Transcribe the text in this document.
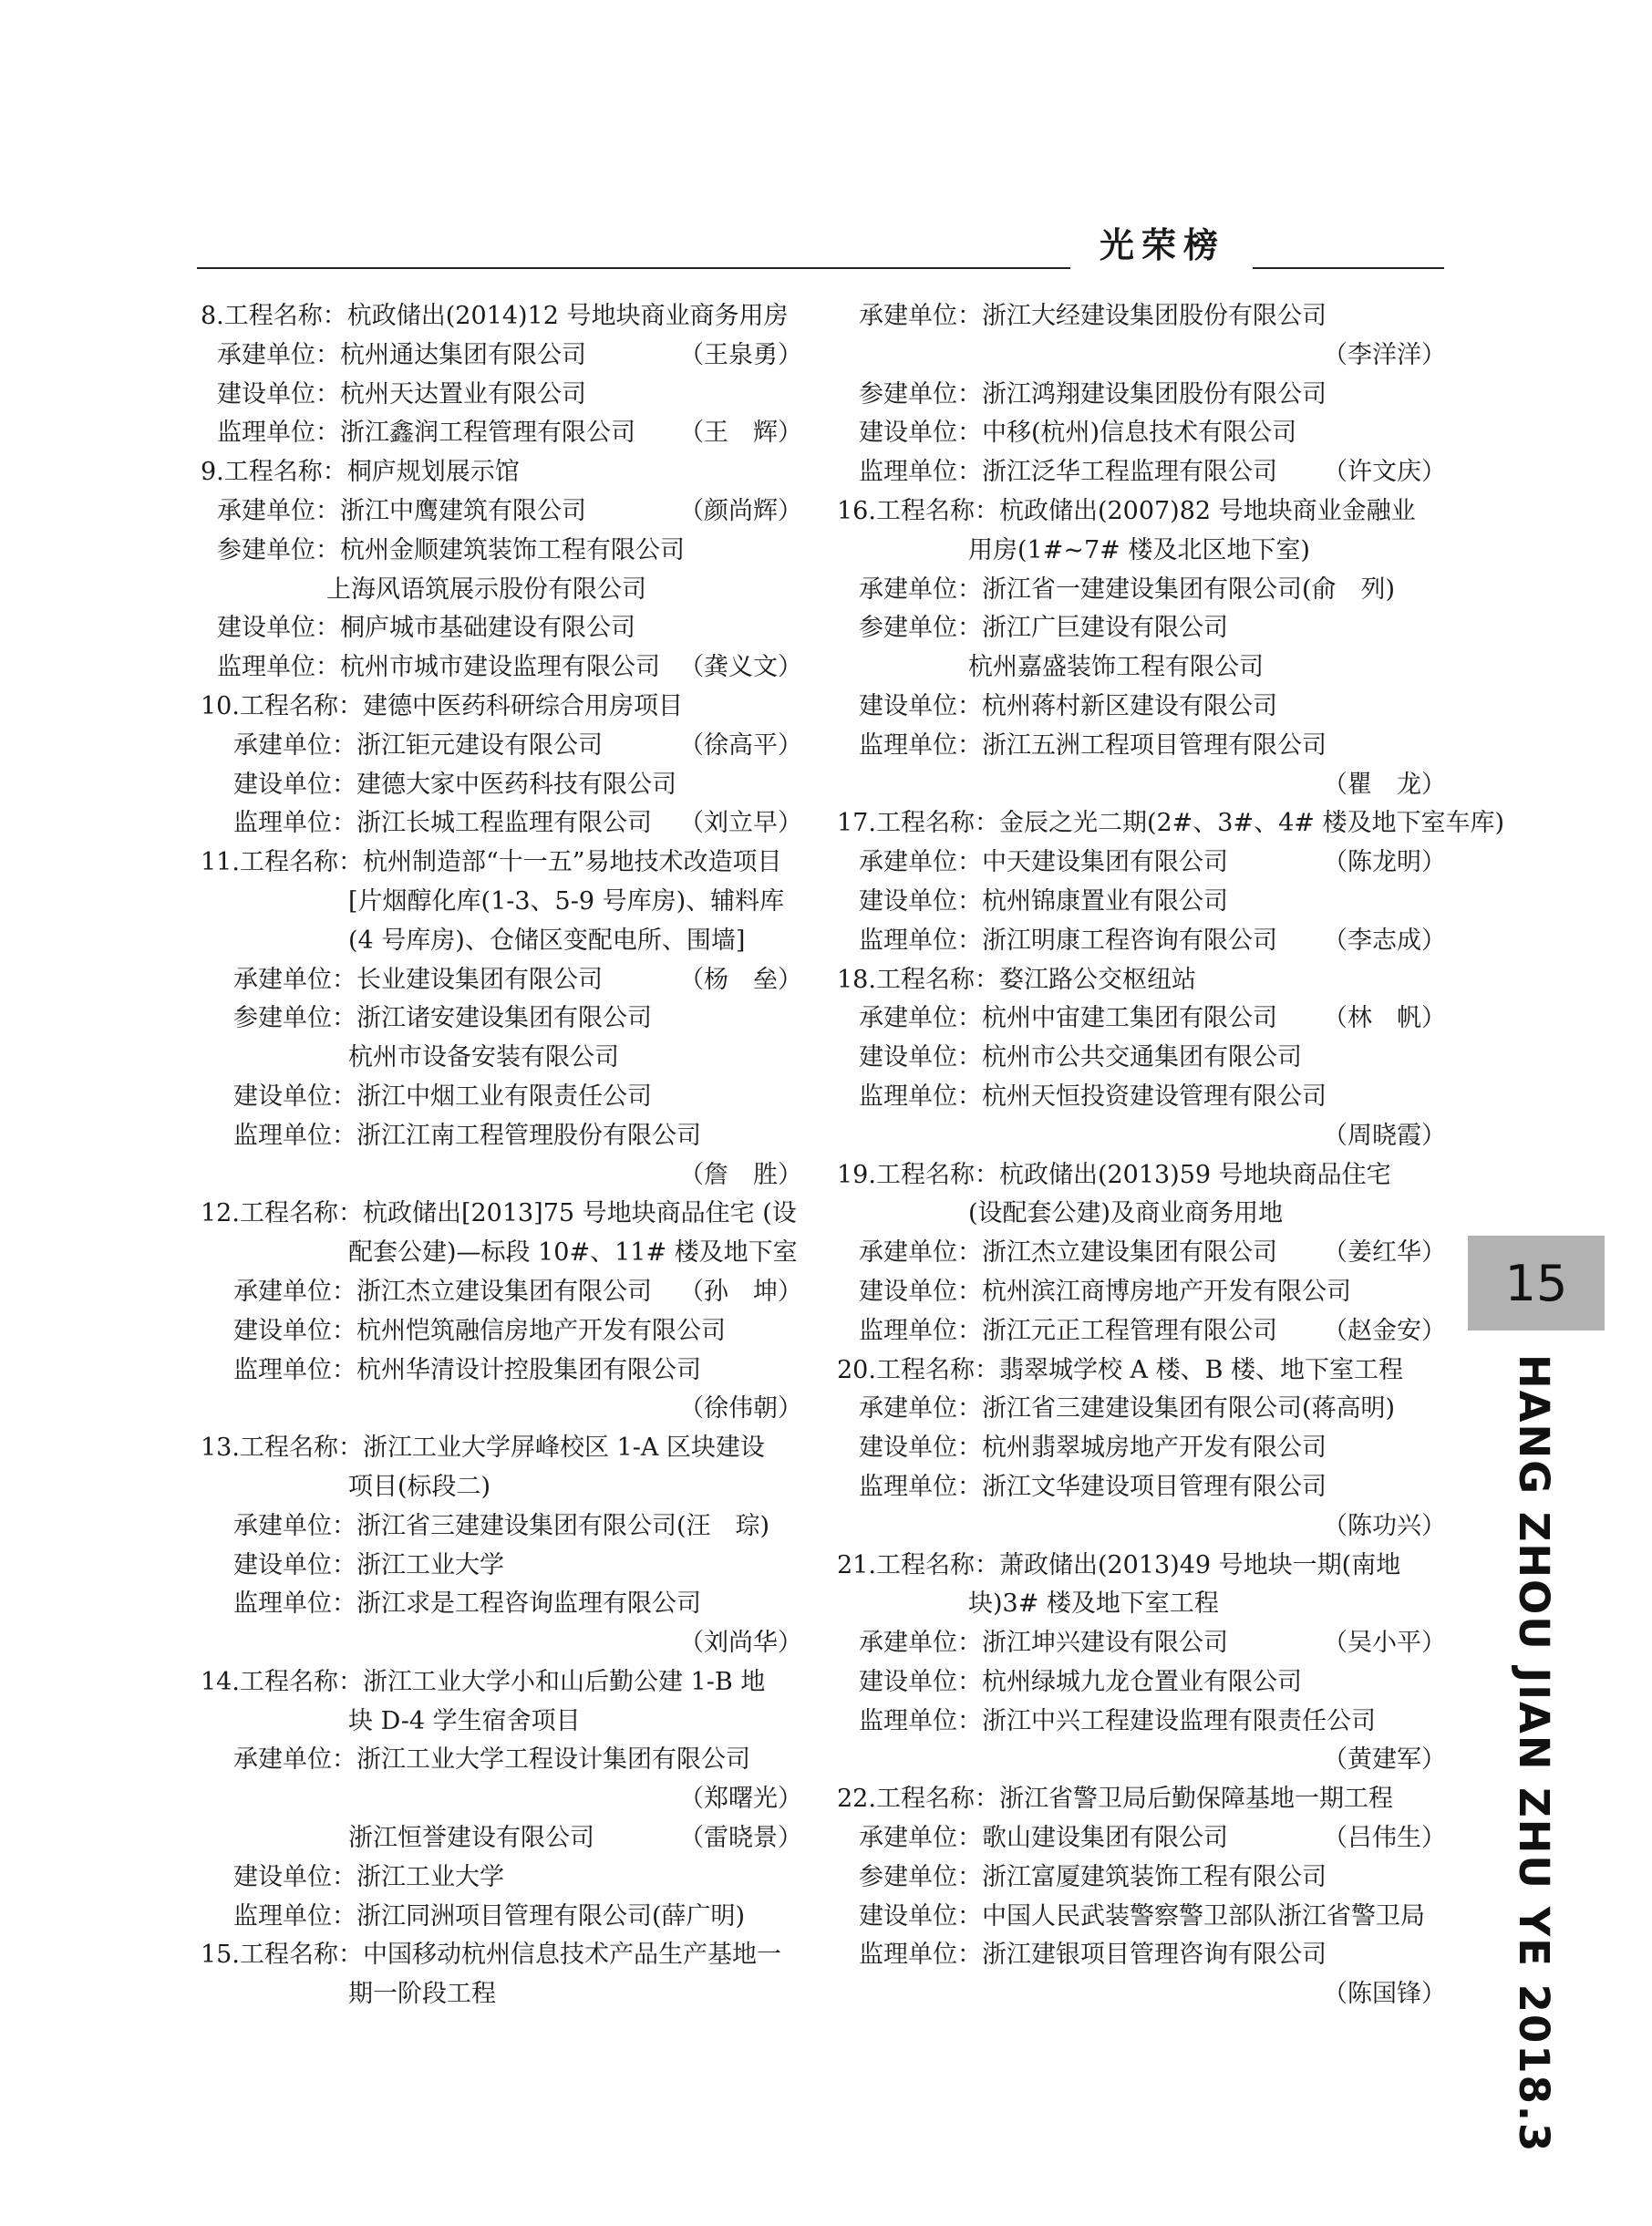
光荣榜
8.工程名称：杭政储出(2014)12 号地块商业商务用房
承建单位：杭州通达集团有限公司	（王泉勇）
建设单位：杭州天达置业有限公司
监理单位：浙江鑫润工程管理有限公司 （王　辉）
9.工程名称：桐庐规划展示馆
承建单位：浙江中鹰建筑有限公司	（颜尚辉）
参建单位：杭州金顺建筑装饰工程有限公司
上海风语筑展示股份有限公司
建设单位：桐庐城市基础建设有限公司
监理单位：杭州市城市建设监理有限公司 （龚义文）
10.工程名称：建德中医药科研综合用房项目
承建单位：浙江钜元建设有限公司	（徐高平）
建设单位：建德大家中医药科技有限公司
监理单位：浙江长城工程监理有限公司 （刘立早）
11.工程名称：杭州制造部“十一五”易地技术改造项目
[片烟醇化库(1-3、5-9 号库房)、辅料库
(4 号库房)、仓储区变配电所、围墙]
承建单位：长业建设集团有限公司	（杨　垒）
参建单位：浙江诸安建设集团有限公司
杭州市设备安装有限公司
建设单位：浙江中烟工业有限责任公司
监理单位：浙江江南工程管理股份有限公司
（詹　胜）
12.工程名称：杭政储出[2013]75 号地块商品住宅 (设
配套公建)—标段 10#、11# 楼及地下室
承建单位：浙江杰立建设集团有限公司 （孙　坤）
建设单位：杭州恺筑融信房地产开发有限公司
监理单位：杭州华清设计控股集团有限公司
（徐伟朝）
13.工程名称：浙江工业大学屏峰校区 1-A 区块建设
项目(标段二)
承建单位：浙江省三建建设集团有限公司(汪　琮)
建设单位：浙江工业大学
监理单位：浙江求是工程咨询监理有限公司
（刘尚华）
14.工程名称：浙江工业大学小和山后勤公建 1-B 地
块 D-4 学生宿舍项目
承建单位：浙江工业大学工程设计集团有限公司
（郑曙光）
浙江恒誉建设有限公司	（雷晓景）
建设单位：浙江工业大学
监理单位：浙江同洲项目管理有限公司(薛广明)
15.工程名称：中国移动杭州信息技术产品生产基地一
期一阶段工程
承建单位：浙江大经建设集团股份有限公司
（李洋洋）
参建单位：浙江鸿翔建设集团股份有限公司
建设单位：中移(杭州)信息技术有限公司
监理单位：浙江泛华工程监理有限公司 （许文庆）
16.工程名称：杭政储出(2007)82 号地块商业金融业
用房(1#~7# 楼及北区地下室)
承建单位：浙江省一建建设集团有限公司(俞　列)
参建单位：浙江广巨建设有限公司
杭州嘉盛装饰工程有限公司
建设单位：杭州蒋村新区建设有限公司
监理单位：浙江五洲工程项目管理有限公司
（瞿　龙）
17.工程名称：金辰之光二期(2#、3#、4# 楼及地下室车库)
承建单位：中天建设集团有限公司	（陈龙明）
建设单位：杭州锦康置业有限公司
监理单位：浙江明康工程咨询有限公司 （李志成）
18.工程名称：婺江路公交枢纽站
承建单位：杭州中宙建工集团有限公司 （林　帆）
建设单位：杭州市公共交通集团有限公司
监理单位：杭州天恒投资建设管理有限公司
（周晓霞）
19.工程名称：杭政储出(2013)59 号地块商品住宅
(设配套公建)及商业商务用地
承建单位：浙江杰立建设集团有限公司 （姜红华）
建设单位：杭州滨江商博房地产开发有限公司
监理单位：浙江元正工程管理有限公司 （赵金安）
20.工程名称：翡翠城学校 A 楼、B 楼、地下室工程
承建单位：浙江省三建建设集团有限公司(蒋高明)
建设单位：杭州翡翠城房地产开发有限公司
监理单位：浙江文华建设项目管理有限公司
（陈功兴）
21.工程名称：萧政储出(2013)49 号地块一期(南地
块)3# 楼及地下室工程
承建单位：浙江坤兴建设有限公司	（吴小平）
建设单位：杭州绿城九龙仓置业有限公司
监理单位：浙江中兴工程建设监理有限责任公司
（黄建军）
22.工程名称：浙江省警卫局后勤保障基地一期工程
承建单位：歌山建设集团有限公司	（吕伟生）
参建单位：浙江富厦建筑装饰工程有限公司
建设单位：中国人民武装警察警卫部队浙江省警卫局
监理单位：浙江建银项目管理咨询有限公司
（陈国锋）
15
HANG ZHOU JIAN ZHU YE 2018.3
